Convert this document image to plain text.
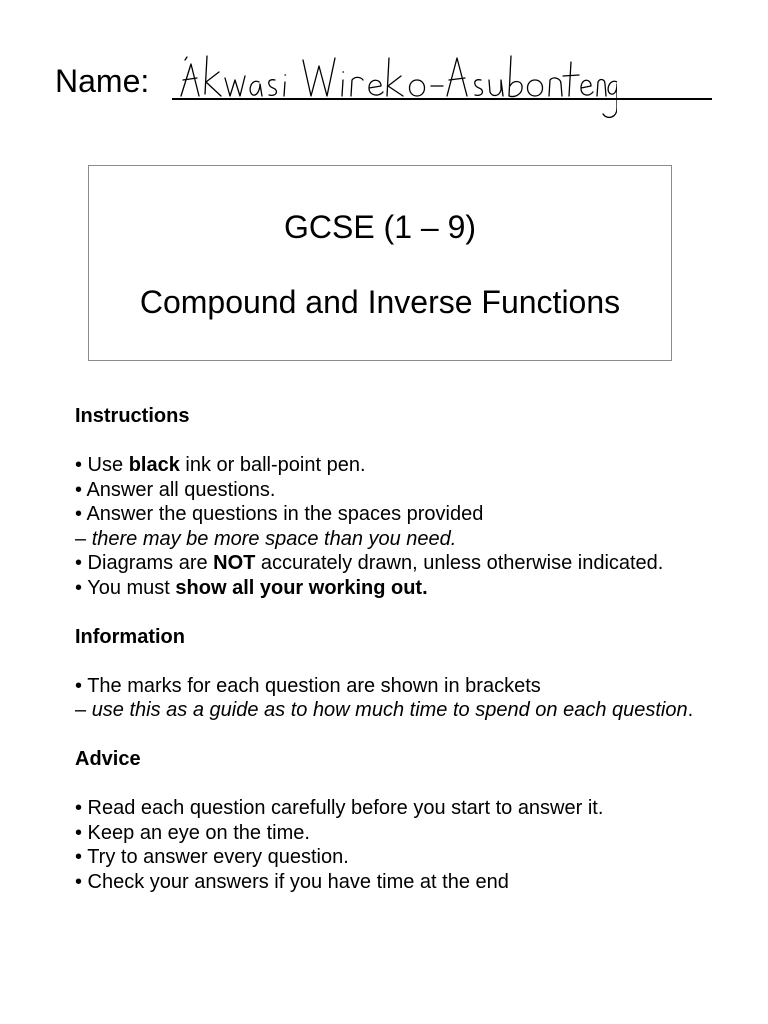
Name:
GCSE (1 – 9)
Compound and Inverse Functions

Instructions

• Use black ink or ball-point pen.

• Answer all questions.

• Answer the questions in the spaces provided

– there may be more space than you need.

• Diagrams are NOT accurately drawn, unless otherwise indicated.

• You must show all your working out.

Information

• The marks for each question are shown in brackets

– use this as a guide as to how much time to spend on each question.

Advice

• Read each question carefully before you start to answer it.

• Keep an eye on the time.

• Try to answer every question.

• Check your answers if you have time at the end
